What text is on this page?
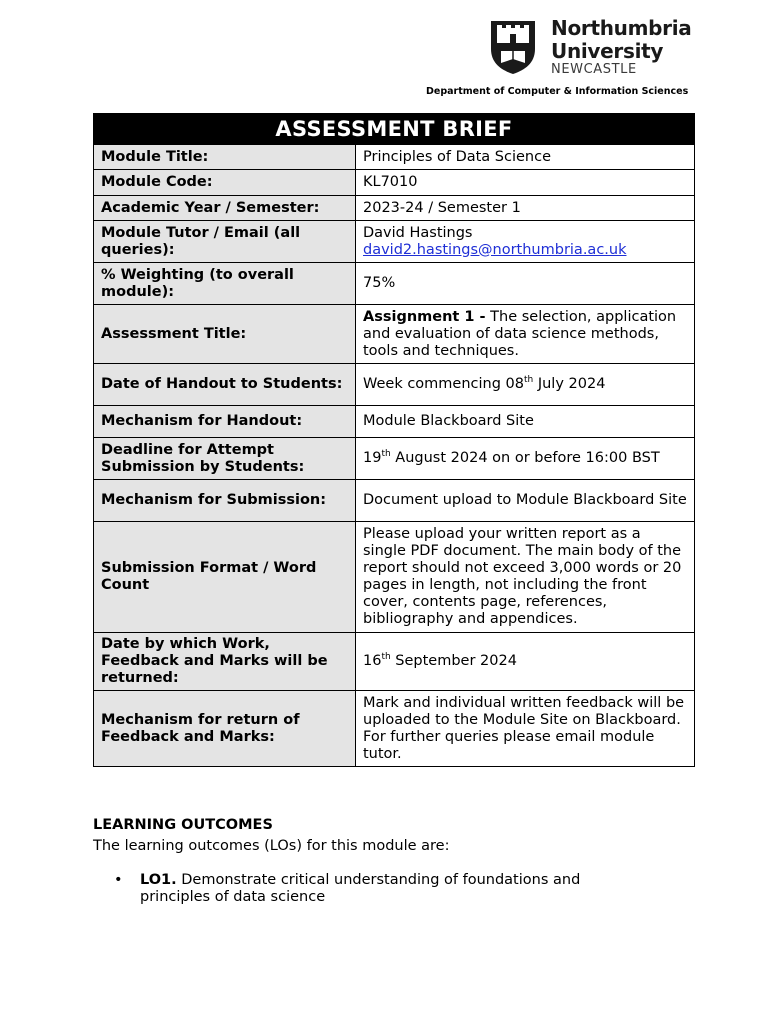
Northumbria
University
NEWCASTLE
Department of Computer & Information Sciences
ASSESSMENT BRIEF	
Module Title:	Principles of Data Science
Module Code:	KL7010
Academic Year / Semester:	2023-24 / Semester 1
Module Tutor / Email (all queries):	David Hastings
david2.hastings@northumbria.ac.uk
% Weighting (to overall module):	75%
Assessment Title:	Assignment 1 - The selection, application and evaluation of data science methods, tools and techniques.
Date of Handout to Students:	Week commencing 08th July 2024
Mechanism for Handout:	Module Blackboard Site
Deadline for Attempt Submission by Students:	19th August 2024 on or before 16:00 BST
Mechanism for Submission:	Document upload to Module Blackboard Site
Submission Format / Word Count	Please upload your written report as a single PDF document. The main body of the report should not exceed 3,000 words or 20 pages in length, not including the front cover, contents page, references, bibliography and appendices.
Date by which Work, Feedback and Marks will be returned:	16th September 2024
Mechanism for return of Feedback and Marks:	Mark and individual written feedback will be uploaded to the Module Site on Blackboard. For further queries please email module tutor.
LEARNING OUTCOMES
The learning outcomes (LOs) for this module are:
• LO1. Demonstrate critical understanding of foundations and principles of data science
